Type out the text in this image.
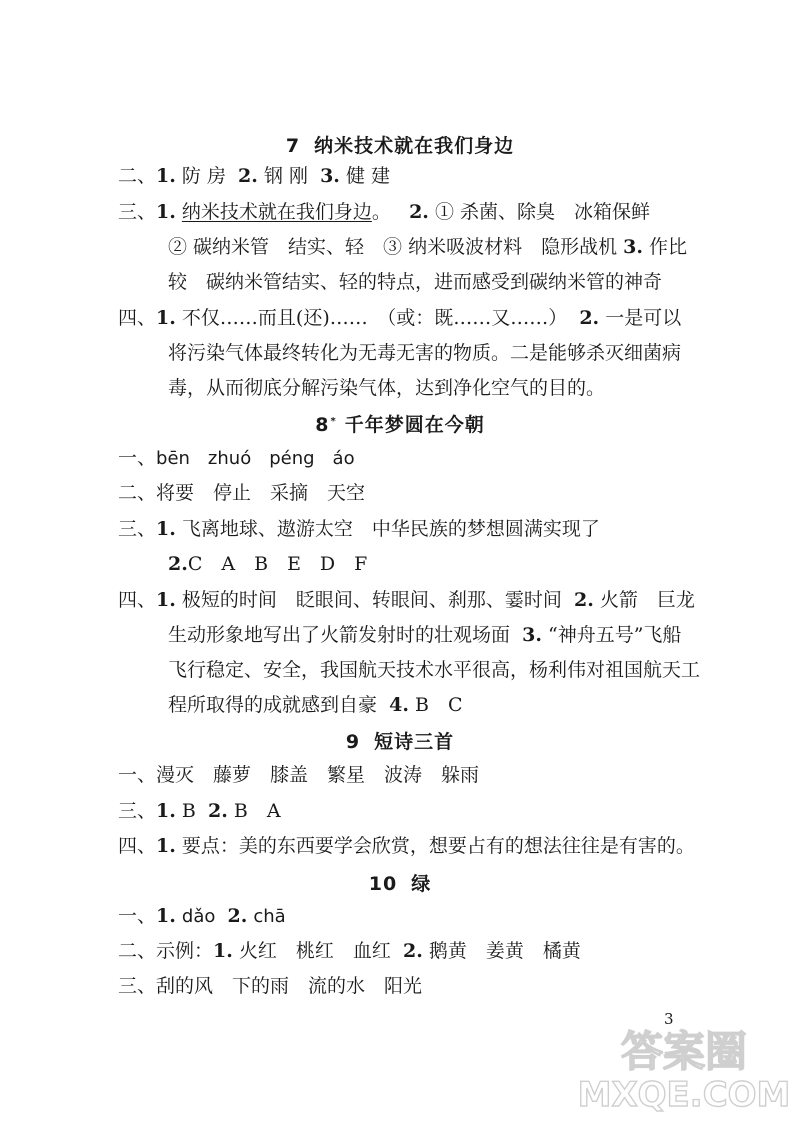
7 纳米技术就在我们身边
二、1. 防 房 2. 钢 刚 3. 健 建
三、1. 纳米技术就在我们身边。 2. ① 杀菌、除臭　冰箱保鲜
② 碳纳米管　结实、轻　③ 纳米吸波材料　隐形战机 3. 作比
较　碳纳米管结实、轻的特点，进而感受到碳纳米管的神奇
四、1. 不仅……而且(还)……　（或：既……又……） 2. 一是可以
将污染气体最终转化为无毒无害的物质。二是能够杀灭细菌病
毒，从而彻底分解污染气体，达到净化空气的目的。
8* 千年梦圆在今朝
一、bēn　zhuó　péng　áo
二、将要　停止　采摘　天空
三、1. 飞离地球、遨游太空　中华民族的梦想圆满实现了
2.C　A　B　E　D　F
四、1. 极短的时间　眨眼间、转眼间、刹那、霎时间 2. 火箭　巨龙
生动形象地写出了火箭发射时的壮观场面 3. “神舟五号”飞船
飞行稳定、安全，我国航天技术水平很高，杨利伟对祖国航天工
程所取得的成就感到自豪 4. B　C
9 短诗三首
一、漫灭　藤萝　膝盖　繁星　波涛　躲雨
三、1. B 2. B　A
四、1. 要点：美的东西要学会欣赏，想要占有的想法往往是有害的。
10 绿
一、1. dǎo 2. chā
二、示例：1. 火红　桃红　血红 2. 鹅黄　姜黄　橘黄
三、刮的风　下的雨　流的水　阳光
3
答案圈
MXQE.COM
